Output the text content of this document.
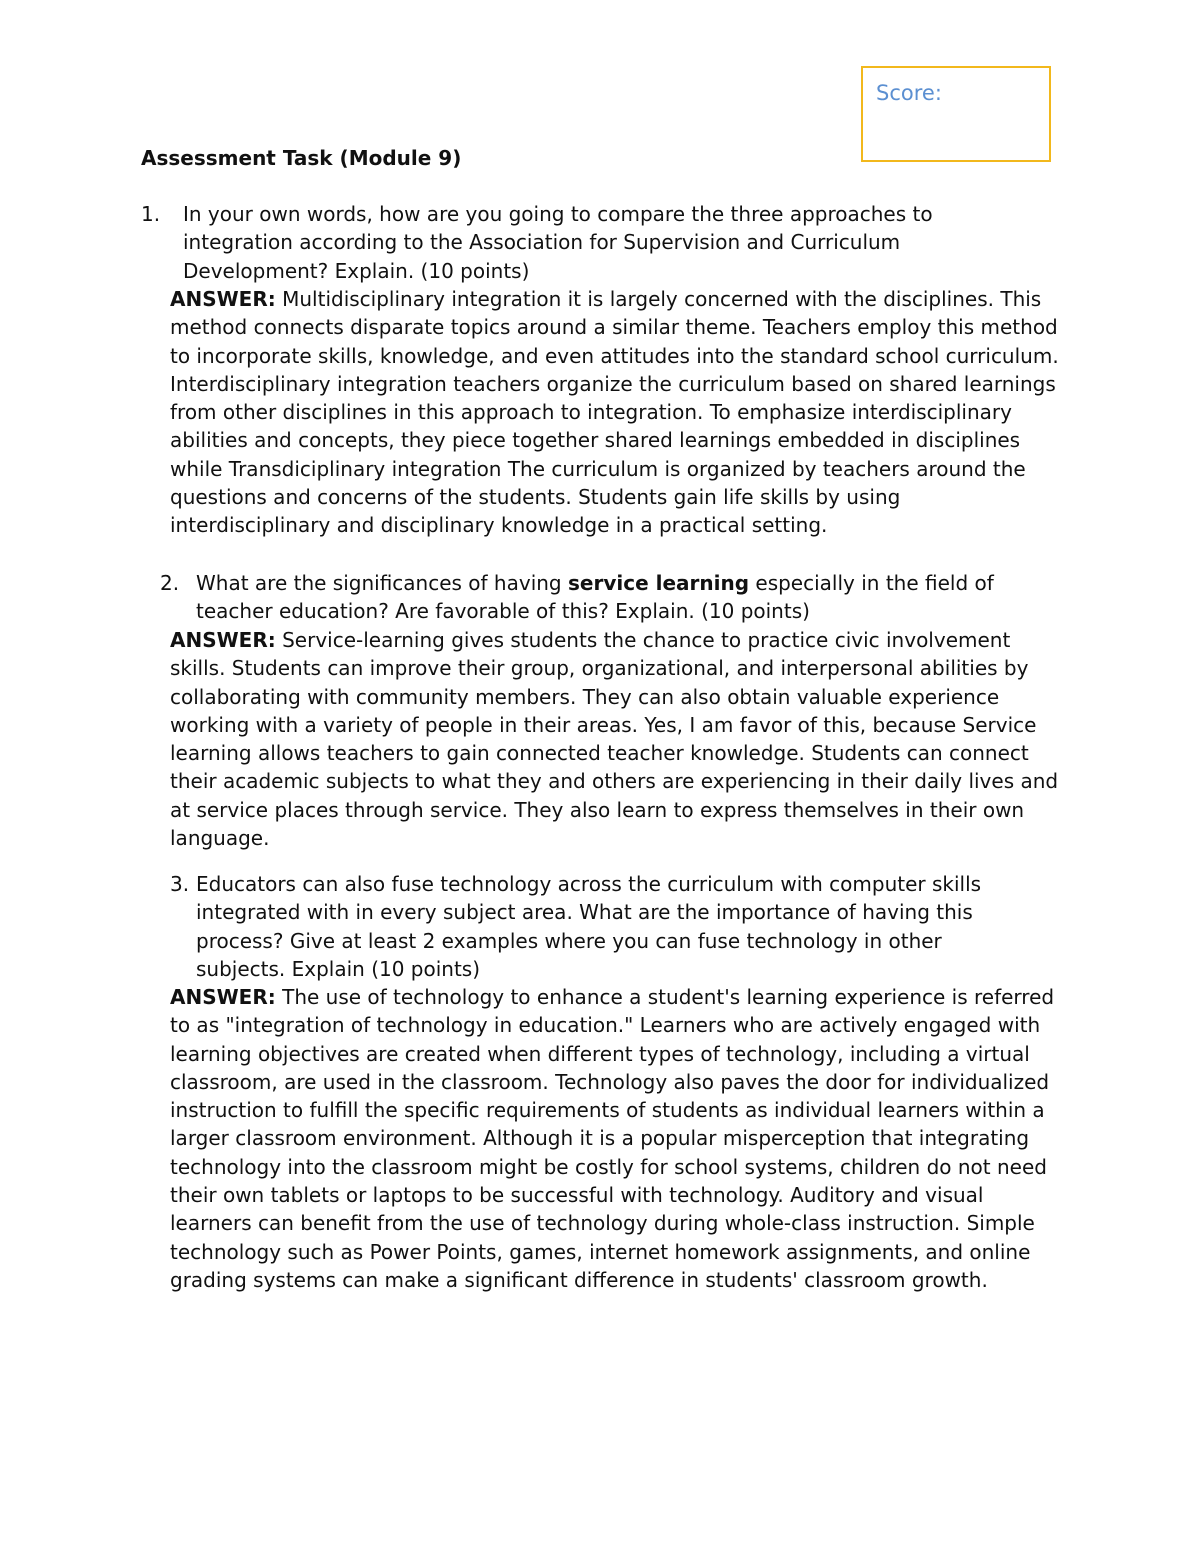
Score:
Assessment Task (Module 9)
1. In your own words, how are you going to compare the three approaches to integration according to the Association for Supervision and Curriculum Development? Explain. (10 points)

ANSWER: Multidisciplinary integration it is largely concerned with the disciplines. This method connects disparate topics around a similar theme. Teachers employ this method to incorporate skills, knowledge, and even attitudes into the standard school curriculum. Interdisciplinary integration teachers organize the curriculum based on shared learnings from other disciplines in this approach to integration. To emphasize interdisciplinary abilities and concepts, they piece together shared learnings embedded in disciplines while Transdiciplinary integration The curriculum is organized by teachers around the questions and concerns of the students. Students gain life skills by using interdisciplinary and disciplinary knowledge in a practical setting.

2. What are the significances of having service learning especially in the field of teacher education? Are favorable of this? Explain. (10 points)

ANSWER: Service-learning gives students the chance to practice civic involvement skills. Students can improve their group, organizational, and interpersonal abilities by collaborating with community members. They can also obtain valuable experience working with a variety of people in their areas. Yes, I am favor of this, because Service learning allows teachers to gain connected teacher knowledge. Students can connect their academic subjects to what they and others are experiencing in their daily lives and at service places through service. They also learn to express themselves in their own language.

3. Educators can also fuse technology across the curriculum with computer skills integrated with in every subject area. What are the importance of having this process? Give at least 2 examples where you can fuse technology in other subjects. Explain (10 points)

ANSWER: The use of technology to enhance a student's learning experience is referred to as "integration of technology in education." Learners who are actively engaged with learning objectives are created when different types of technology, including a virtual classroom, are used in the classroom. Technology also paves the door for individualized instruction to fulfill the specific requirements of students as individual learners within a larger classroom environment. Although it is a popular misperception that integrating technology into the classroom might be costly for school systems, children do not need their own tablets or laptops to be successful with technology. Auditory and visual learners can benefit from the use of technology during whole-class instruction. Simple technology such as Power Points, games, internet homework assignments, and online grading systems can make a significant difference in students' classroom growth.
